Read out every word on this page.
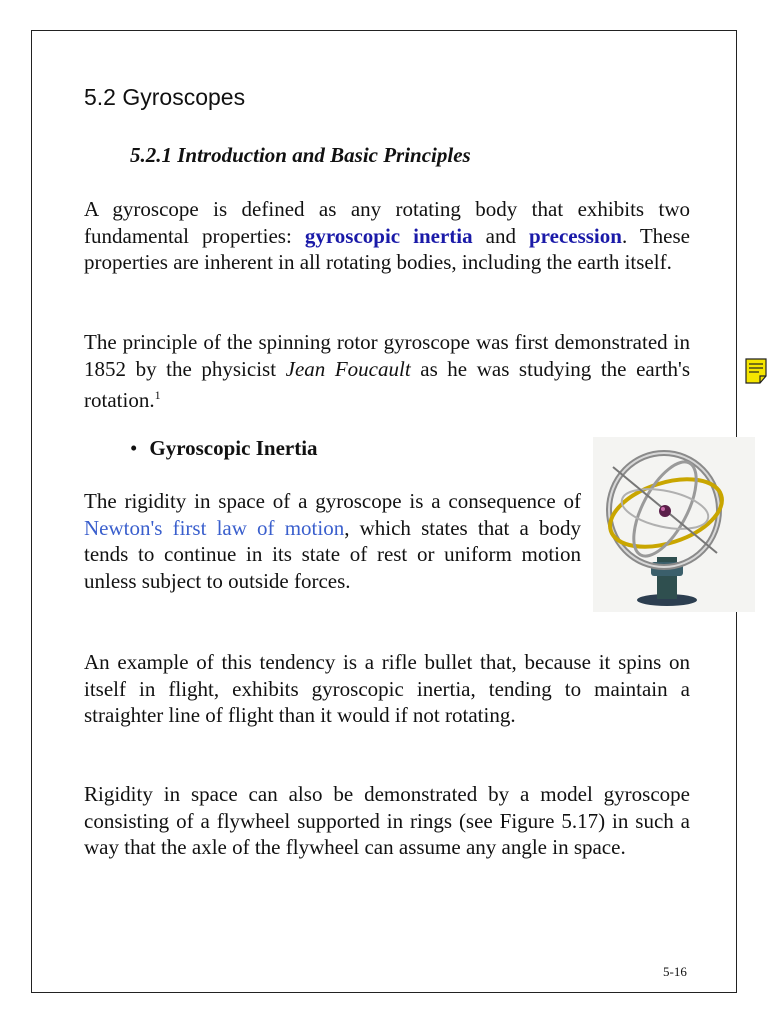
5.2 Gyroscopes
5.2.1 Introduction and Basic Principles

A gyroscope is defined as any rotating body that exhibits two fundamental properties: gyroscopic inertia and precession. These properties are inherent in all rotating bodies, including the earth itself.

The principle of the spinning rotor gyroscope was first demonstrated in 1852 by the physicist Jean Foucault as he was studying the earth's rotation.$^1$

• Gyroscopic Inertia

The rigidity in space of a gyroscope is a consequence of Newton's first law of motion, which states that a body tends to continue in its state of rest or uniform motion unless subject to outside forces.

An example of this tendency is a rifle bullet that, because it spins on itself in flight, exhibits gyroscopic inertia, tending to maintain a straighter line of flight than it would if not rotating.

Rigidity in space can also be demonstrated by a model gyroscope consisting of a flywheel supported in rings (see Figure 5.17) in such a way that the axle of the flywheel can assume any angle in space.

5-16
